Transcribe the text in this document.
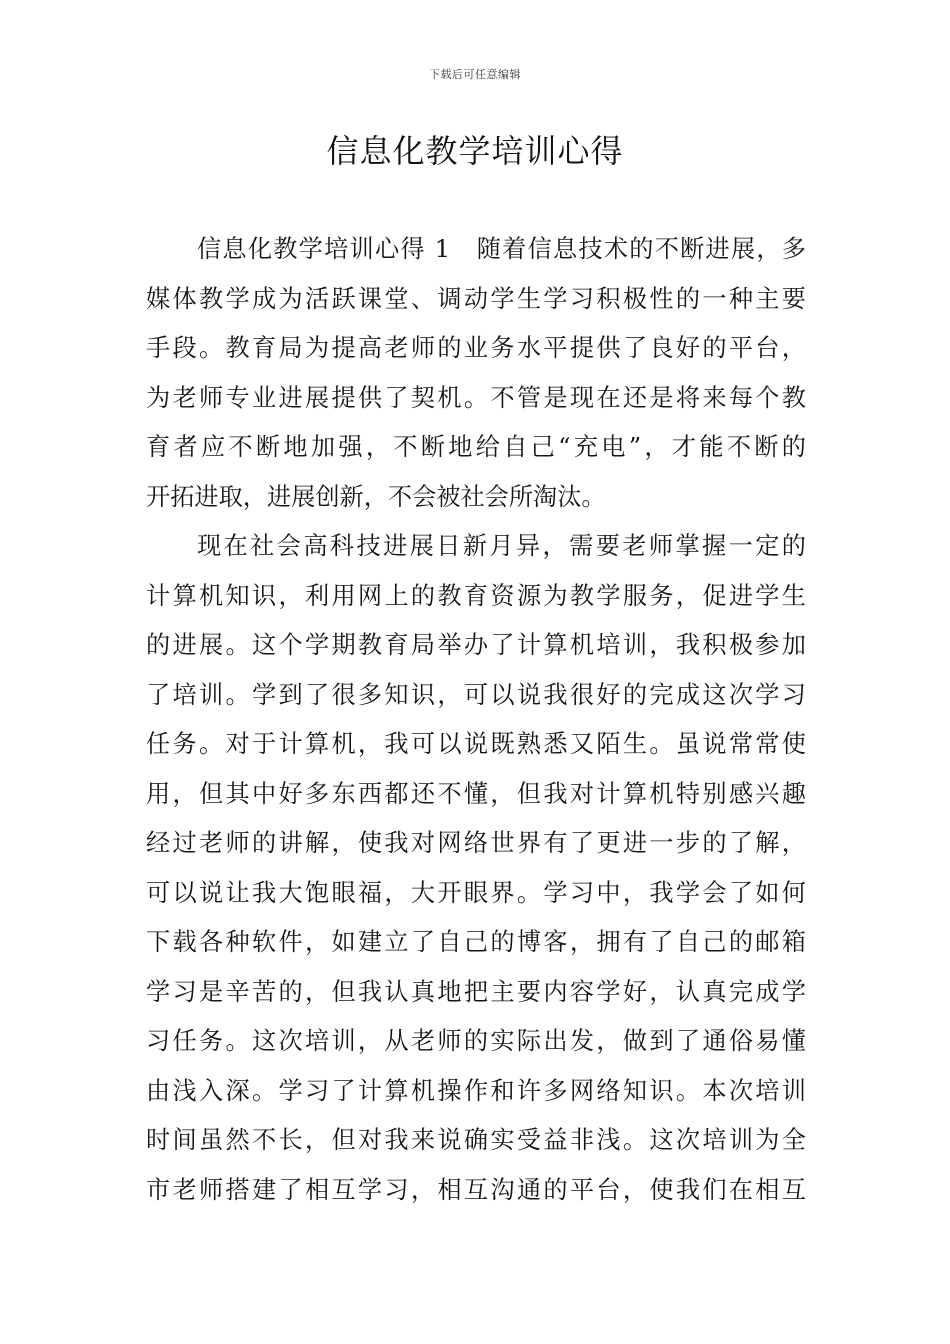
下载后可任意编辑
信息化教学培训心得
信息化教学培训心得 1　随着信息技术的不断进展，多
媒体教学成为活跃课堂、调动学生学习积极性的一种主要
手段。教育局为提高老师的业务水平提供了良好的平台，
为老师专业进展提供了契机。不管是现在还是将来每个教
育者应不断地加强，不断地给自己“充电”，才能不断的
开拓进取，进展创新，不会被社会所淘汰。
现在社会高科技进展日新月异，需要老师掌握一定的
计算机知识，利用网上的教育资源为教学服务，促进学生
的进展。这个学期教育局举办了计算机培训，我积极参加
了培训。学到了很多知识，可以说我很好的完成这次学习
任务。对于计算机，我可以说既熟悉又陌生。虽说常常使
用，但其中好多东西都还不懂，但我对计算机特别感兴趣
经过老师的讲解，使我对网络世界有了更进一步的了解，
可以说让我大饱眼福，大开眼界。学习中，我学会了如何
下载各种软件，如建立了自己的博客，拥有了自己的邮箱
学习是辛苦的，但我认真地把主要内容学好，认真完成学
习任务。这次培训，从老师的实际出发，做到了通俗易懂
由浅入深。学习了计算机操作和许多网络知识。本次培训
时间虽然不长，但对我来说确实受益非浅。这次培训为全
市老师搭建了相互学习，相互沟通的平台，使我们在相互
